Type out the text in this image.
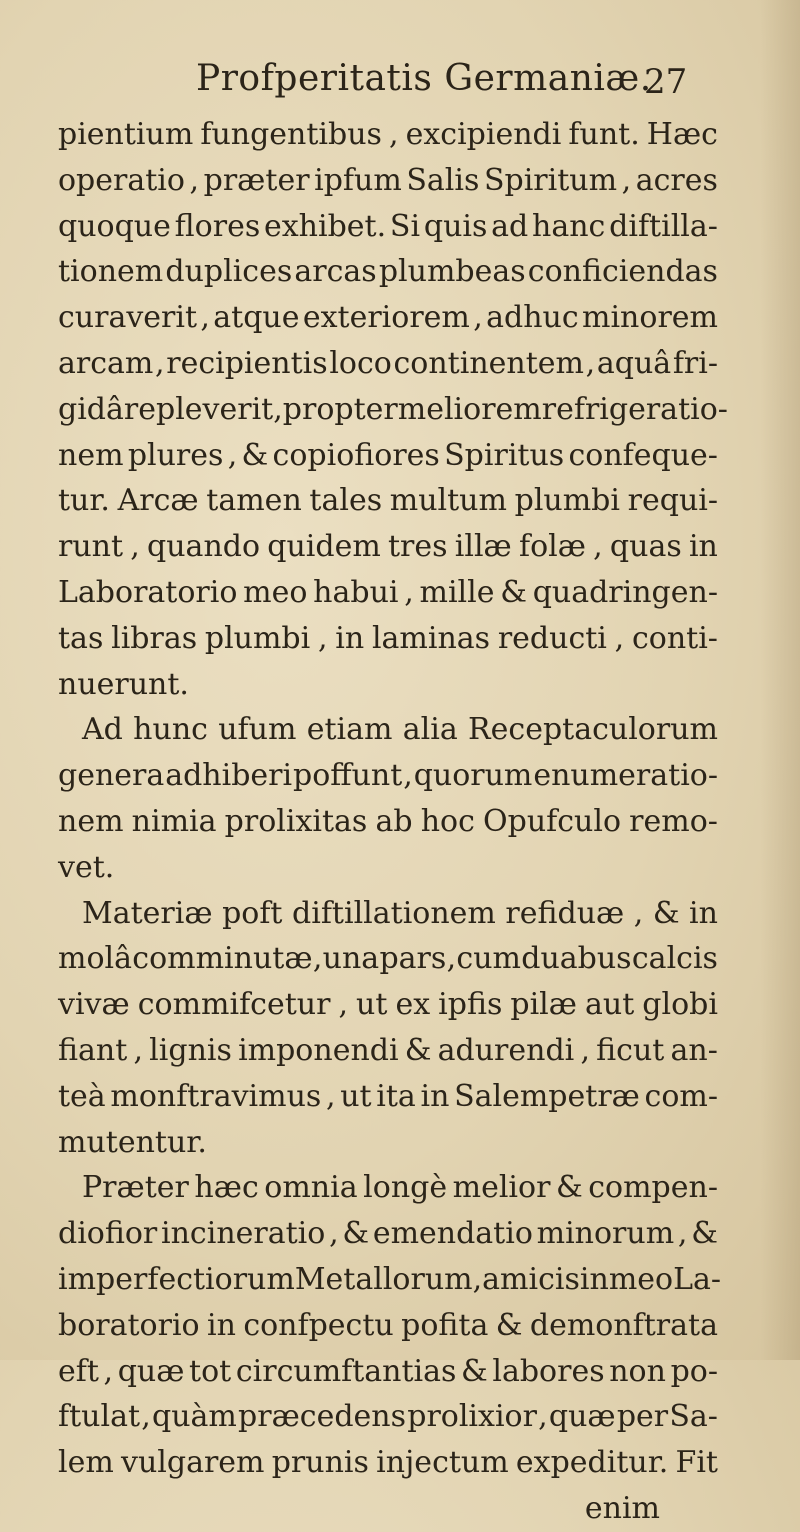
Profperitatis Germaniæ.
27
pientium fungentibus , excipiendi funt. Hæc
operatio , præter ipfum Salis Spiritum , acres
quoque flores exhibet. Si quis ad hanc diftilla-
tionem duplices arcas plumbeas conficiendas
curaverit , atque exteriorem , adhuc minorem
arcam , recipientis loco continentem , aquâ fri-
gidâ repleverit , propter meliorem refrigeratio-
nem plures , & copiofiores Spiritus confeque-
tur. Arcæ tamen tales multum plumbi requi-
runt , quando quidem tres illæ folæ , quas in
Laboratorio meo habui , mille & quadringen-
tas libras plumbi , in laminas reducti , conti-
nuerunt.
Ad hunc ufum etiam alia Receptaculorum
genera adhiberi poffunt , quorum enumeratio-
nem nimia prolixitas ab hoc Opufculo remo-
vet.
Materiæ poft diftillationem refiduæ , & in
molâ comminutæ , una pars , cum duabus calcis
vivæ commifcetur , ut ex ipfis pilæ aut globi
fiant , lignis imponendi & adurendi , ficut an-
teà monftravimus , ut ita in Salempetræ com-
mutentur.
Præter hæc omnia longè melior & compen-
diofior incineratio , & emendatio minorum , &
imperfectiorum Metallorum , amicis in meo La-
boratorio in confpectu pofita & demonftrata
eft , quæ tot circumftantias & labores non po-
ftulat , quàm præcedens prolixior , quæ per Sa-
lem vulgarem prunis injectum expeditur. Fit
enim
